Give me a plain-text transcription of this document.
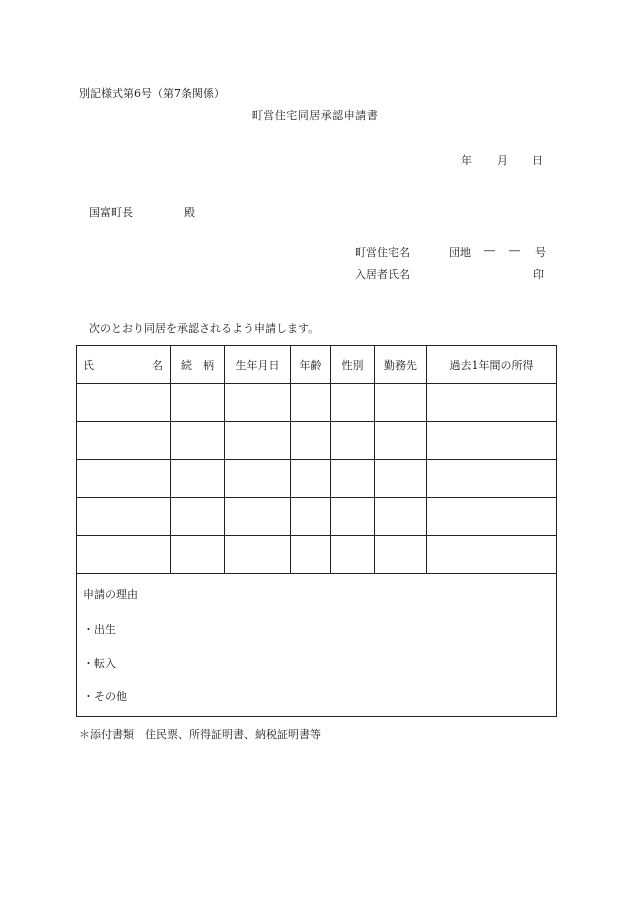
別記様式第6号（第7条関係）
町営住宅同居承認申請書
年 月 日
国富町長	殿
町営住宅名	団地 ― ― 号
入居者氏名	印
次のとおり同居を承認されるよう申請します。
氏 名	続　柄	生年月日	年齢	性別	勤務先	過去1年間の所得

申請の理由
・出生
・転入
・その他
＊添付書類　住民票、所得証明書、納税証明書等
